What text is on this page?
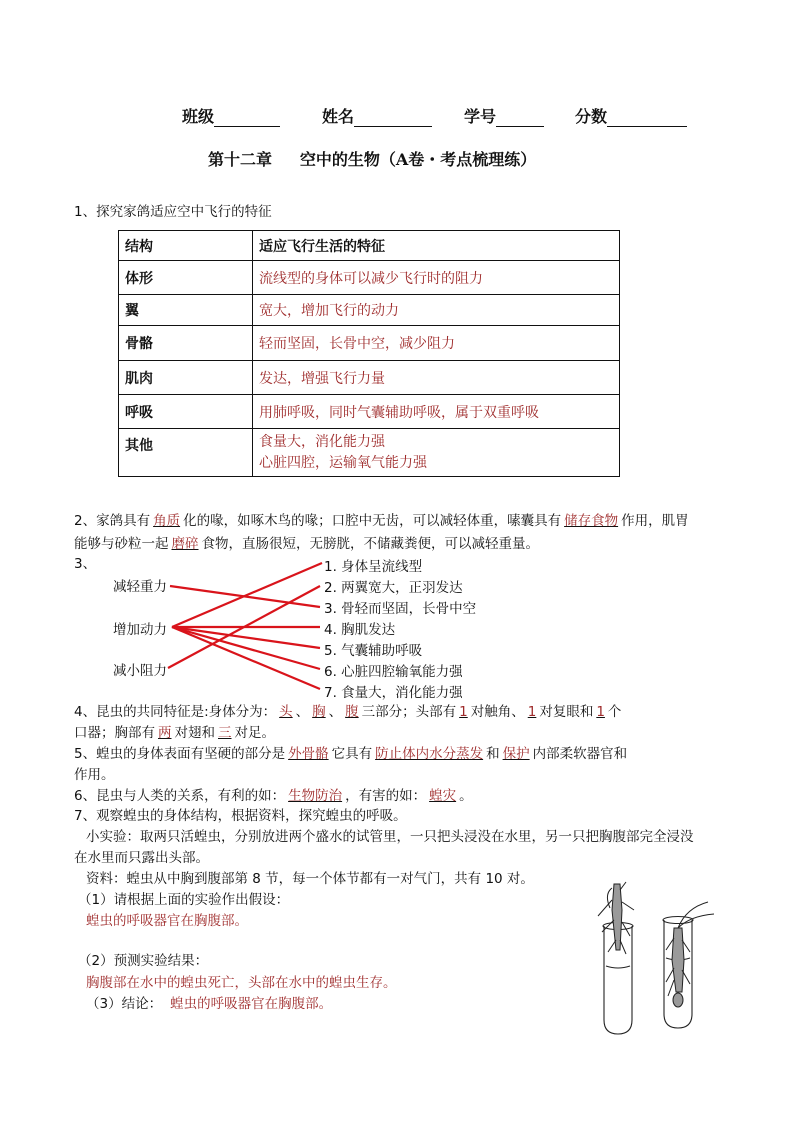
班级	姓名	学号	分数
第十二章     空中的生物（A卷・考点梳理练）
1、探究家鸽适应空中飞行的特征
结构	适应飞行生活的特征
体形	流线型的身体可以减少飞行时的阻力
翼	宽大，增加飞行的动力
骨骼	轻而坚固，长骨中空，减少阻力
肌肉	发达，增强飞行力量
呼吸	用肺呼吸，同时气囊辅助呼吸，属于双重呼吸
其他	食量大，消化能力强
心脏四腔，运输氧气能力强
2、家鸽具有 角质 化的喙，如啄木鸟的喙；口腔中无齿，可以减轻体重，嗉囊具有 储存食物 作用，肌胃
能够与砂粒一起 磨碎 食物，直肠很短，无膀胱，不储藏粪便，可以减轻重量。
3、
减轻重力
增加动力
减小阻力
1. 身体呈流线型
2. 两翼宽大，正羽发达
3. 骨轻而坚固，长骨中空
4. 胸肌发达
5. 气囊辅助呼吸
6. 心脏四腔输氧能力强
7. 食量大，消化能力强
4、昆虫的共同特征是:身体分为： 头 、 胸 、 腹 三部分；头部有 1 对触角、 1 对复眼和 1 个
口器；胸部有 两 对翅和 三 对足。
5、蝗虫的身体表面有坚硬的部分是 外骨骼 它具有 防止体内水分蒸发 和 保护 内部柔软器官和
作用。
6、昆虫与人类的关系，有利的如： 生物防治 ，有害的如： 蝗灾 。
7、观察蝗虫的身体结构，根据资料，探究蝗虫的呼吸。
小实验：取两只活蝗虫，分别放进两个盛水的试管里，一只把头浸没在水里，另一只把胸腹部完全浸没
在水里而只露出头部。
资料：蝗虫从中胸到腹部第 8 节，每一个体节都有一对气门，共有 10 对。
（1）请根据上面的实验作出假设：
蝗虫的呼吸器官在胸腹部。
（2）预测实验结果：
胸腹部在水中的蝗虫死亡，头部在水中的蝗虫生存。
（3）结论： 蝗虫的呼吸器官在胸腹部。
